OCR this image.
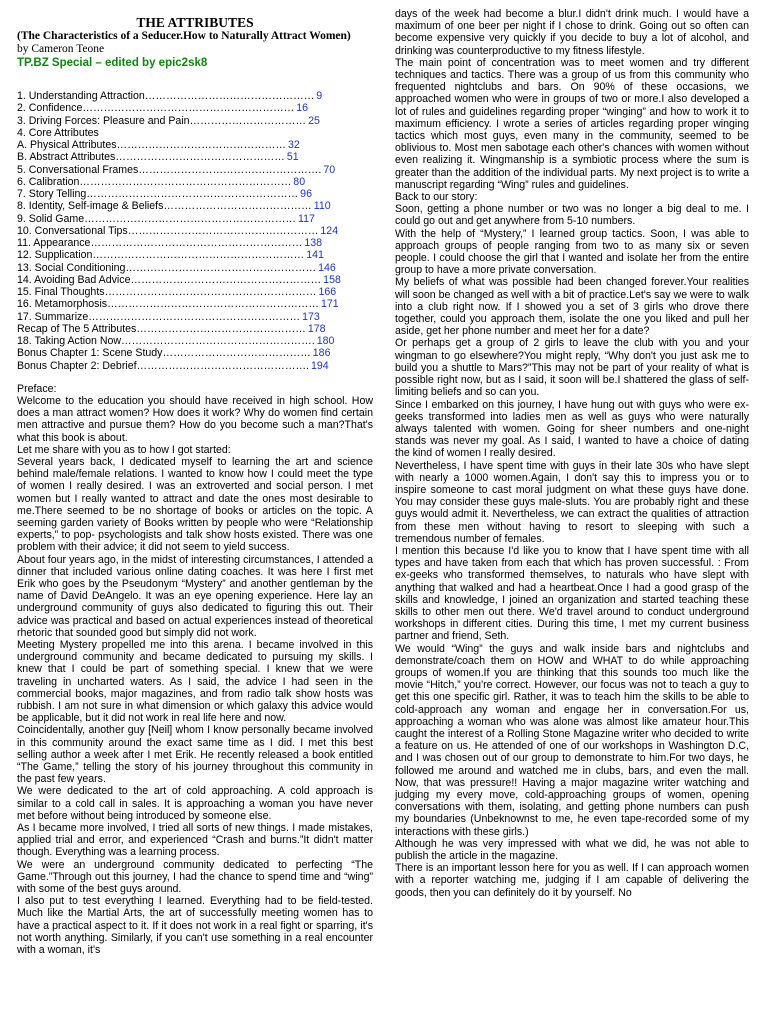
THE ATTRIBUTES
(The Characteristics of a Seducer.How to Naturally Attract Women)
by Cameron Teone
TP.BZ Special – edited by epic2sk8
1. Understanding Attraction ………………………………………… 9
2. Confidence …………………………………………………… 16
3. Driving Forces: Pleasure and Pain …………………………… 25
4. Core Attributes
A. Physical Attributes ………………………………………… 32
B. Abstract Attributes ………………………………………… 51
5. Conversational Frames ……………………………………………. 70
6. Calibration …………………………………………………… 80
7. Story Telling …………………………………………………… 96
8. Identity, Self-image & Beliefs …………………………………… 110
9. Solid Game …………………………………………………… 117
10. Conversational Tips ……………………………………………… 124
11. Appearance …………………………………………………… 138
12. Supplication …………………………………………………… 141
13. Social Conditioning ……………………………………………… 146
14. Avoiding Bad Advice ……………………………………………… 158
15. Final Thoughts …………………………………………………… 166
16. Metamorphosis …………………………………………………… 171
17. Summarize …………………………………………………… 173
Recap of The 5 Attributes ………………………………………… 178
18. Taking Action Now ………………………………………………. 180
Bonus Chapter 1: Scene Study …………………………………… 186
Bonus Chapter 2: Debrief …………………………………………. 194
Preface:

Welcome to the education you should have received in high school. How does a man attract women? How does it work? Why do women find certain men attractive and pursue them? How do you become such a man?That's what this book is about.

Let me share with you as to how I got started:

Several years back, I dedicated myself to learning the art and science behind male/female relations. I wanted to know how I could meet the type of women I really desired. I was an extroverted and social person. I met women but I really wanted to attract and date the ones most desirable to me.There seemed to be no shortage of books or articles on the topic. A seeming garden variety of Books written by people who were “Relationship experts,” to pop- psychologists and talk show hosts existed. There was one problem with their advice; it did not seem to yield success.

About four years ago, in the midst of interesting circumstances, I attended a dinner that included various online dating coaches. It was here I first met Erik who goes by the Pseudonym “Mystery” and another gentleman by the name of David DeAngelo. It was an eye opening experience. Here lay an underground community of guys also dedicated to figuring this out. Their advice was practical and based on actual experiences instead of theoretical rhetoric that sounded good but simply did not work.

Meeting Mystery propelled me into this arena. I became involved in this underground community and became dedicated to pursuing my skills. I knew that I could be part of something special. I knew that we were traveling in uncharted waters. As I said, the advice I had seen in the commercial books, major magazines, and from radio talk show hosts was rubbish. I am not sure in what dimension or which galaxy this advice would be applicable, but it did not work in real life here and now.

Coincidentally, another guy [Neil] whom I know personally became involved in this community around the exact same time as I did. I met this best selling author a week after I met Erik. He recently released a book entitled “The Game,” telling the story of his journey throughout this community in the past few years.

We were dedicated to the art of cold approaching. A cold approach is similar to a cold call in sales. It is approaching a woman you have never met before without being introduced by someone else.

As I became more involved, I tried all sorts of new things. I made mistakes, applied trial and error, and experienced “Crash and burns.”It didn't matter though. Everything was a learning process.

We were an underground community dedicated to perfecting “The Game.”Through out this journey, I had the chance to spend time and “wing” with some of the best guys around.

I also put to test everything I learned. Everything had to be field-tested. Much like the Martial Arts, the art of successfully meeting women has to have a practical aspect to it. If it does not work in a real fight or sparring, it's not worth anything. Similarly, if you can't use something in a real encounter with a woman, it's

days of the week had become a blur.I didn't drink much. I would have a maximum of one beer per night if I chose to drink. Going out so often can become expensive very quickly if you decide to buy a lot of alcohol, and drinking was counterproductive to my fitness lifestyle.

The main point of concentration was to meet women and try different techniques and tactics. There was a group of us from this community who frequented nightclubs and bars. On 90% of these occasions, we approached women who were in groups of two or more.I also developed a lot of rules and guidelines regarding proper “winging” and how to work it to maximum efficiency. I wrote a series of articles regarding proper winging tactics which most guys, even many in the community, seemed to be oblivious to. Most men sabotage each other's chances with women without even realizing it. Wingmanship is a symbiotic process where the sum is greater than the addition of the individual parts. My next project is to write a manuscript regarding “Wing” rules and guidelines.

Back to our story:

Soon, getting a phone number or two was no longer a big deal to me. I could go out and get anywhere from 5-10 numbers.

With the help of “Mystery,” I learned group tactics. Soon, I was able to approach groups of people ranging from two to as many six or seven people. I could choose the girl that I wanted and isolate her from the entire group to have a more private conversation.

My beliefs of what was possible had been changed forever.Your realities will soon be changed as well with a bit of practice.Let's say we were to walk into a club right now. If I showed you a set of 3 girls who drove there together, could you approach them, isolate the one you liked and pull her aside, get her phone number and meet her for a date?

Or perhaps get a group of 2 girls to leave the club with you and your wingman to go elsewhere?You might reply, “Why don't you just ask me to build you a shuttle to Mars?”This may not be part of your reality of what is possible right now, but as I said, it soon will be.I shattered the glass of self-limiting beliefs and so can you.

Since I embarked on this journey, I have hung out with guys who were ex-geeks transformed into ladies men as well as guys who were naturally always talented with women. Going for sheer numbers and one-night stands was never my goal. As I said, I wanted to have a choice of dating the kind of women I really desired.

Nevertheless, I have spent time with guys in their late 30s who have slept with nearly a 1000 women.Again, I don't say this to impress you or to inspire someone to cast moral judgment on what these guys have done. You may consider these guys male-sluts. You are probably right and these guys would admit it. Nevertheless, we can extract the qualities of attraction from these men without having to resort to sleeping with such a tremendous number of females.

I mention this because I'd like you to know that I have spent time with all types and have taken from each that which has proven successful. : From ex-geeks who transformed themselves, to naturals who have slept with anything that walked and had a heartbeat.Once I had a good grasp of the skills and knowledge, I joined an organization and started teaching these skills to other men out there. We'd travel around to conduct underground workshops in different cities. During this time, I met my current business partner and friend, Seth.

We would “Wing” the guys and walk inside bars and nightclubs and demonstrate/coach them on HOW and WHAT to do while approaching groups of women.If you are thinking that this sounds too much like the movie “Hitch,” you're correct. However, our focus was not to teach a guy to get this one specific girl. Rather, it was to teach him the skills to be able to cold-approach any woman and engage her in conversation.For us, approaching a woman who was alone was almost like amateur hour.This caught the interest of a Rolling Stone Magazine writer who decided to write a feature on us. He attended of one of our workshops in Washington D.C, and I was chosen out of our group to demonstrate to him.For two days, he followed me around and watched me in clubs, bars, and even the mall. Now, that was pressure!! Having a major magazine writer watching and judging my every move, cold-approaching groups of women, opening conversations with them, isolating, and getting phone numbers can push my boundaries (Unbeknownst to me, he even tape-recorded some of my interactions with these girls.)

Although he was very impressed with what we did, he was not able to publish the article in the magazine.

There is an important lesson here for you as well. If I can approach women with a reporter watching me, judging if I am capable of delivering the goods, then you can definitely do it by yourself. No
